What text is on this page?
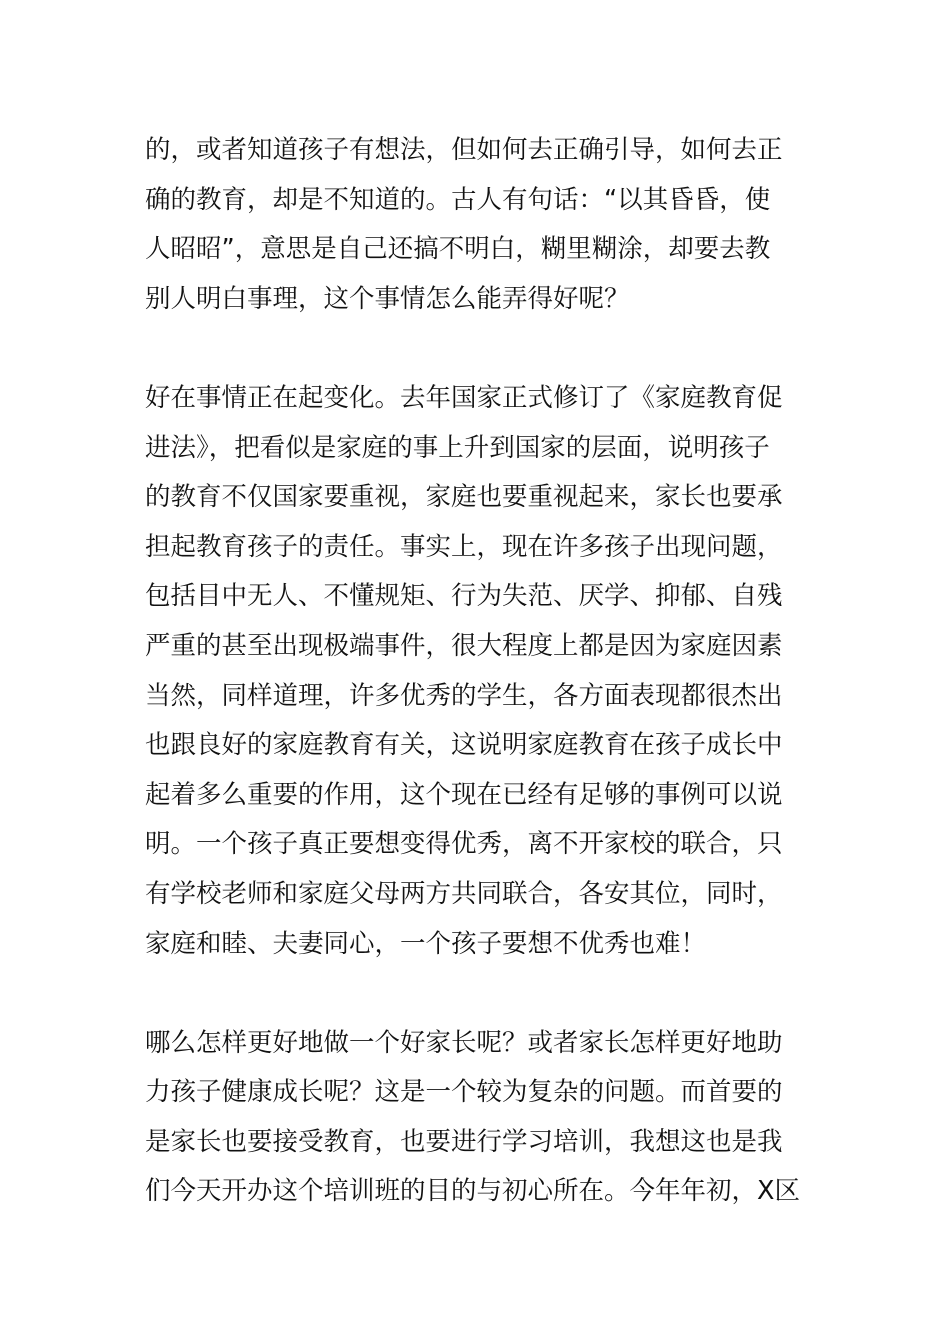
的，或者知道孩子有想法，但如何去正确引导，如何去正
确的教育，却是不知道的。古人有句话：“以其昏昏，使
人昭昭”，意思是自己还搞不明白，糊里糊涂，却要去教
别人明白事理，这个事情怎么能弄得好呢？
好在事情正在起变化。去年国家正式修订了《家庭教育促
进法》，把看似是家庭的事上升到国家的层面，说明孩子
的教育不仅国家要重视，家庭也要重视起来，家长也要承
担起教育孩子的责任。事实上，现在许多孩子出现问题，
包括目中无人、不懂规矩、行为失范、厌学、抑郁、自残
严重的甚至出现极端事件，很大程度上都是因为家庭因素
当然，同样道理，许多优秀的学生，各方面表现都很杰出
也跟良好的家庭教育有关，这说明家庭教育在孩子成长中
起着多么重要的作用，这个现在已经有足够的事例可以说
明。一个孩子真正要想变得优秀，离不开家校的联合，只
有学校老师和家庭父母两方共同联合，各安其位，同时，
家庭和睦、夫妻同心，一个孩子要想不优秀也难！
哪么怎样更好地做一个好家长呢？或者家长怎样更好地助
力孩子健康成长呢？这是一个较为复杂的问题。而首要的
是家长也要接受教育，也要进行学习培训，我想这也是我
们今天开办这个培训班的目的与初心所在。今年年初，X区
